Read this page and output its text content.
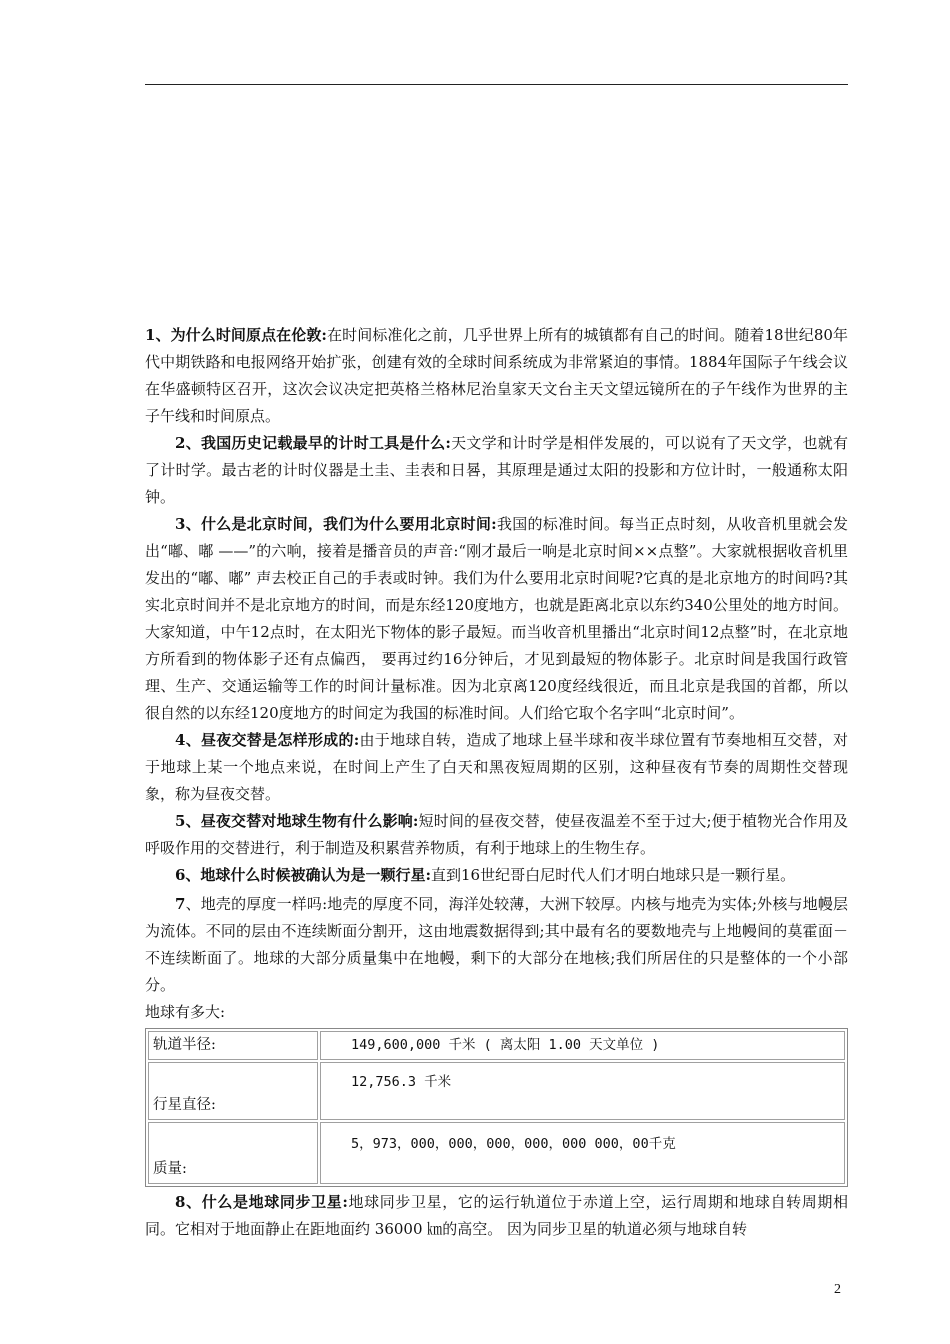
1、为什么时间原点在伦敦:在时间标准化之前，几乎世界上所有的城镇都有自己的时间。随着18世纪80年代中期铁路和电报网络开始扩张，创建有效的全球时间系统成为非常紧迫的事情。1884年国际子午线会议在华盛顿特区召开，这次会议决定把英格兰格林尼治皇家天文台主天文望远镜所在的子午线作为世界的主子午线和时间原点。

2、我国历史记载最早的计时工具是什么:天文学和计时学是相伴发展的，可以说有了天文学，也就有了计时学。最古老的计时仪器是土圭、圭表和日晷，其原理是通过太阳的投影和方位计时，一般通称太阳钟。

3、什么是北京时间，我们为什么要用北京时间:我国的标准时间。每当正点时刻，从收音机里就会发出“嘟、嘟 ——”的六响，接着是播音员的声音:“刚才最后一响是北京时间××点整”。大家就根据收音机里发出的“嘟、嘟” 声去校正自己的手表或时钟。我们为什么要用北京时间呢?它真的是北京地方的时间吗?其实北京时间并不是北京地方的时间，而是东经120度地方，也就是距离北京以东约340公里处的地方时间。大家知道，中午12点时，在太阳光下物体的影子最短。而当收音机里播出“北京时间12点整”时，在北京地方所看到的物体影子还有点偏西， 要再过约16分钟后，才见到最短的物体影子。北京时间是我国行政管理、生产、交通运输等工作的时间计量标准。因为北京离120度经线很近，而且北京是我国的首都，所以很自然的以东经120度地方的时间定为我国的标准时间。人们给它取个名字叫“北京时间”。

4、昼夜交替是怎样形成的:由于地球自转，造成了地球上昼半球和夜半球位置有节奏地相互交替，对于地球上某一个地点来说，在时间上产生了白天和黑夜短周期的区别，这种昼夜有节奏的周期性交替现象，称为昼夜交替。

5、昼夜交替对地球生物有什么影响:短时间的昼夜交替，使昼夜温差不至于过大;便于植物光合作用及呼吸作用的交替进行，利于制造及积累营养物质，有利于地球上的生物生存。

6、地球什么时候被确认为是一颗行星:直到16世纪哥白尼时代人们才明白地球只是一颗行星。

7、地壳的厚度一样吗:地壳的厚度不同，海洋处较薄，大洲下较厚。内核与地壳为实体;外核与地幔层为流体。不同的层由不连续断面分割开，这由地震数据得到;其中最有名的要数地壳与上地幔间的莫霍面－不连续断面了。地球的大部分质量集中在地幔，剩下的大部分在地核;我们所居住的只是整体的一个小部分。

地球有多大:

轨道半径:	149,600,000 千米 ( 离太阳 1.00 天文单位 )
行星直径:	12,756.3 千米
质量:	5，973，000，000，000，000，000 000，00千克

8、什么是地球同步卫星:地球同步卫星，它的运行轨道位于赤道上空，运行周期和地球自转周期相同。它相对于地面静止在距地面约 36000 ㎞的高空。 因为同步卫星的轨道必须与地球自转

2
